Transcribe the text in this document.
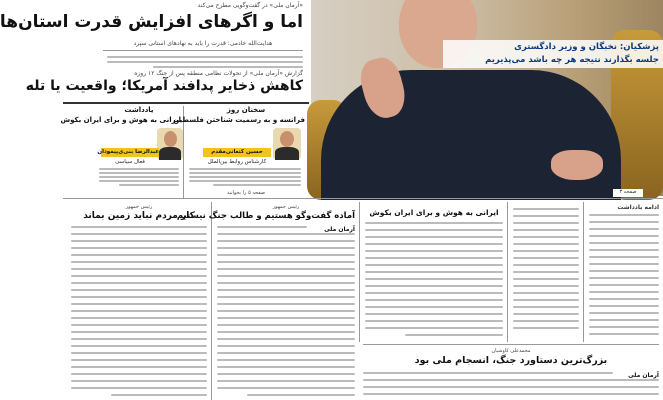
«آرمان ملی» در گفت‌وگویی مطرح می‌کند
اما و اگرهای افزایش قدرت استان‌ها
هدایت‌الله خادمی: قدرت را باید به نهادهای استانی سپرد
گزارش «آرمان ملی» از تحولات نظامی منطقه پس از جنگ ۱۲ روزه
کاهش ذخایر پدافند آمریکا؛ واقعیت یا تله
پزشکیان: نخبگان و وزیر دادگستری
جلسه بگذارند نتیجه هر چه باشد می‌پذیریم
صفحه ۳
یادداشت
ایرانی به هوش و برای ایران بکوش
عبدالرضا بنی‌ی‌پیمودان
فعال سیاسی
سخنان روز
فرانسه و به رسمیت شناختن فلسطین
حسین کنعانی‌مقدم
کارشناس روابط بین‌الملل
صفحه ۵ را بخوانید
رئیس جمهور
کار مردم نباید زمین بماند
رئیس جمهور
آماده گفت‌وگو هستیم و طالب جنگ نیستیم
آرمان ملی
ایرانی به هوش و برای ایران بکوش
ادامه یادداشت
محمدعلی کاوشیان
بزرگ‌ترین دستاورد جنگ، انسجام ملی بود
آرمان ملی
